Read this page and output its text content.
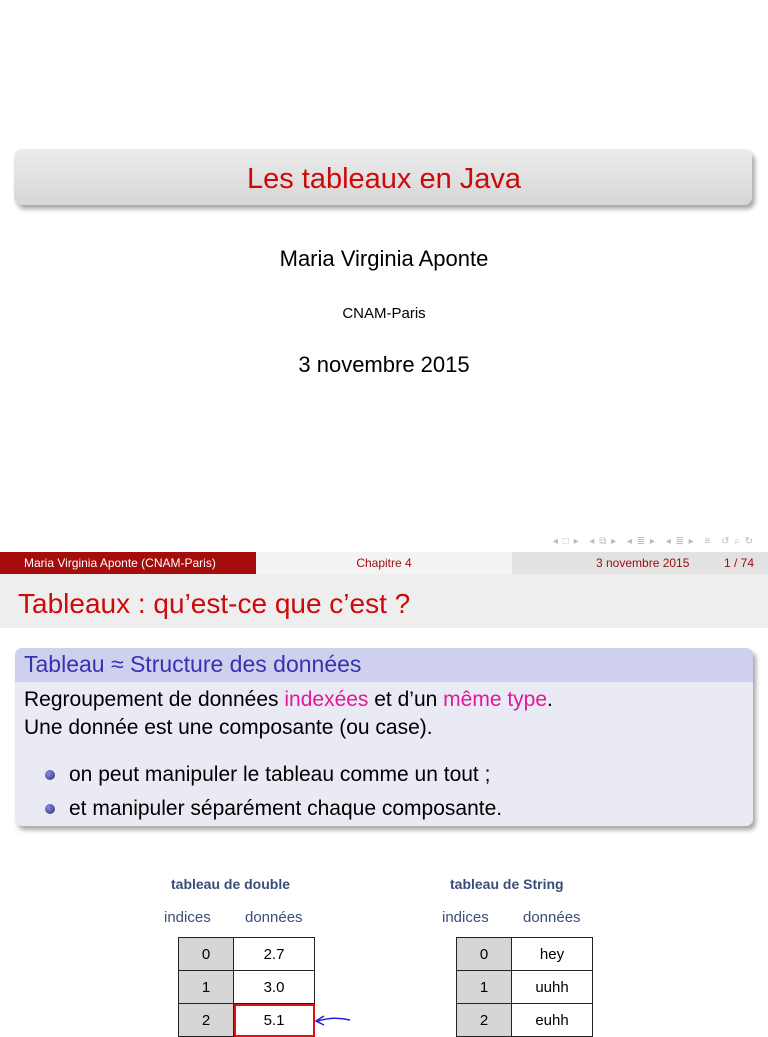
Les tableaux en Java
Maria Virginia Aponte
CNAM-Paris
3 novembre 2015
◂ □ ▸ ◂ ⧉ ▸ ◂ ≣ ▸ ◂ ≣ ▸ ≡ ↺ ⌕ ↻
Maria Virginia Aponte (CNAM-Paris)	Chapitre 4	3 novembre 2015	1 / 74
Tableaux : qu’est-ce que c’est ?
Tableau ≈ Structure des données
Regroupement de données indexées et d’un même type.
Une donnée est une composante (ou case).
on peut manipuler le tableau comme un tout ;
et manipuler séparément chaque composante.
tableau de double
indices données
0	2.7
1	3.0
2	5.1
tableau de String
indices données
0	hey
1	uuhh
2	euhh
